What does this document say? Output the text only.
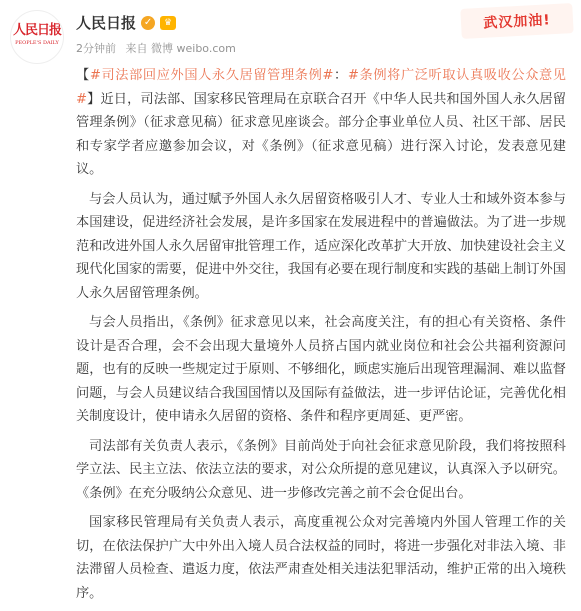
人民日报
PEOPLE'S DAILY
人民日报 ✓	♛
2分钟前 来自 微博 weibo.com
武汉加油!

【#司法部回应外国人永久居留管理条例#：#条例将广泛听取认真吸收公众意见#】近日，司法部、国家移民管理局在京联合召开《中华人民共和国外国人永久居留管理条例》（征求意见稿）征求意见座谈会。部分企事业单位人员、社区干部、居民和专家学者应邀参加会议，对《条例》（征求意见稿）进行深入讨论，发表意见建议。

与会人员认为，通过赋予外国人永久居留资格吸引人才、专业人士和域外资本参与本国建设，促进经济社会发展，是许多国家在发展进程中的普遍做法。为了进一步规范和改进外国人永久居留审批管理工作，适应深化改革扩大开放、加快建设社会主义现代化国家的需要，促进中外交往，我国有必要在现行制度和实践的基础上制订外国人永久居留管理条例。

与会人员指出，《条例》征求意见以来，社会高度关注，有的担心有关资格、条件设计是否合理，会不会出现大量境外人员挤占国内就业岗位和社会公共福利资源问题，也有的反映一些规定过于原则、不够细化，顾虑实施后出现管理漏洞、难以监督问题，与会人员建议结合我国国情以及国际有益做法，进一步评估论证，完善优化相关制度设计，使申请永久居留的资格、条件和程序更周延、更严密。

司法部有关负责人表示，《条例》目前尚处于向社会征求意见阶段，我们将按照科学立法、民主立法、依法立法的要求，对公众所提的意见建议，认真深入予以研究。《条例》在充分吸纳公众意见、进一步修改完善之前不会仓促出台。

国家移民管理局有关负责人表示，高度重视公众对完善境内外国人管理工作的关切，在依法保护广大中外出入境人员合法权益的同时，将进一步强化对非法入境、非法滞留人员检查、遣返力度，依法严肃查处相关违法犯罪活动，维护正常的出入境秩序。
